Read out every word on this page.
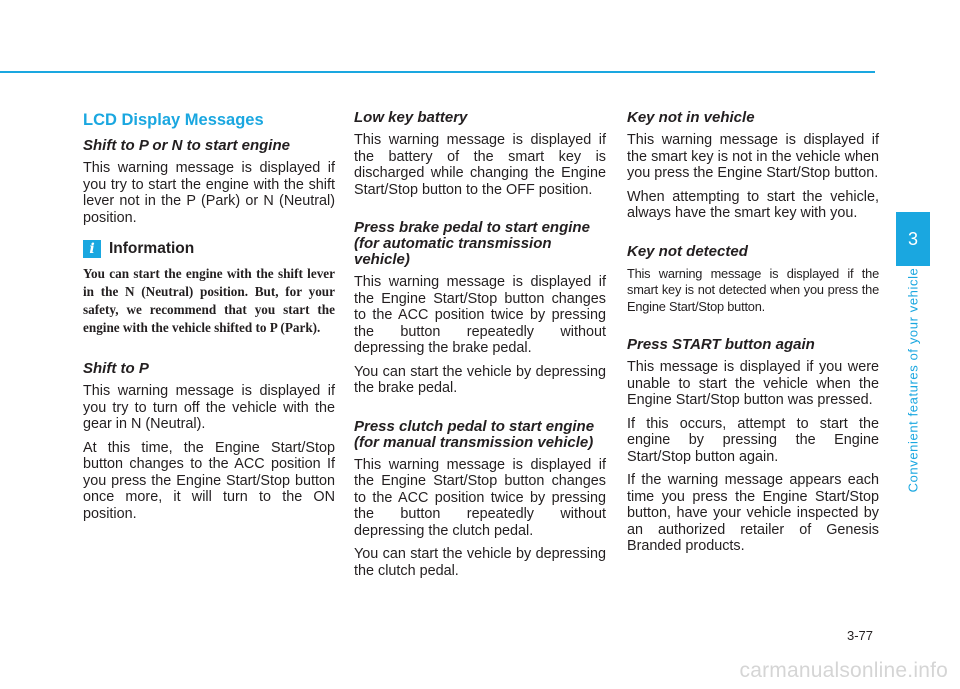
LCD Display Messages
Shift to P or N to start engine

This warning message is displayed if you try to start the engine with the shift lever not in the P (Park) or N (Neutral) position.

i Information

You can start the engine with the shift lever in the N (Neutral) position. But, for your safety, we recommend that you start the engine with the vehicle shifted to P (Park).

Shift to P

This warning message is displayed if you try to turn off the vehicle with the gear in N (Neutral).

At this time, the Engine Start/Stop button changes to the ACC position If you press the Engine Start/Stop button once more, it will turn to the ON position.

Low key battery

This warning message is displayed if the battery of the smart key is discharged while changing the Engine Start/Stop button to the OFF position.

Press brake pedal to start engine (for automatic transmission vehicle)

This warning message is displayed if the Engine Start/Stop button changes to the ACC position twice by pressing the button repeatedly without depressing the brake pedal.

You can start the vehicle by depressing the brake pedal.

Press clutch pedal to start engine (for manual transmission vehicle)

This warning message is displayed if the Engine Start/Stop button changes to the ACC position twice by pressing the button repeatedly without depressing the clutch pedal.

You can start the vehicle by depressing the clutch pedal.

Key not in vehicle

This warning message is displayed if the smart key is not in the vehicle when you press the Engine Start/Stop button.

When attempting to start the vehicle, always have the smart key with you.

Key not detected

This warning message is displayed if the smart key is not detected when you press the Engine Start/Stop button.

Press START button again

This message is displayed if you were unable to start the vehicle when the Engine Start/Stop button was pressed.

If this occurs, attempt to start the engine by pressing the Engine Start/Stop button again.

If the warning message appears each time you press the Engine Start/Stop button, have your vehicle inspected by an authorized retailer of Genesis Branded products.

3
Convenient features of your vehicle
3-77
carmanualsonline.info
